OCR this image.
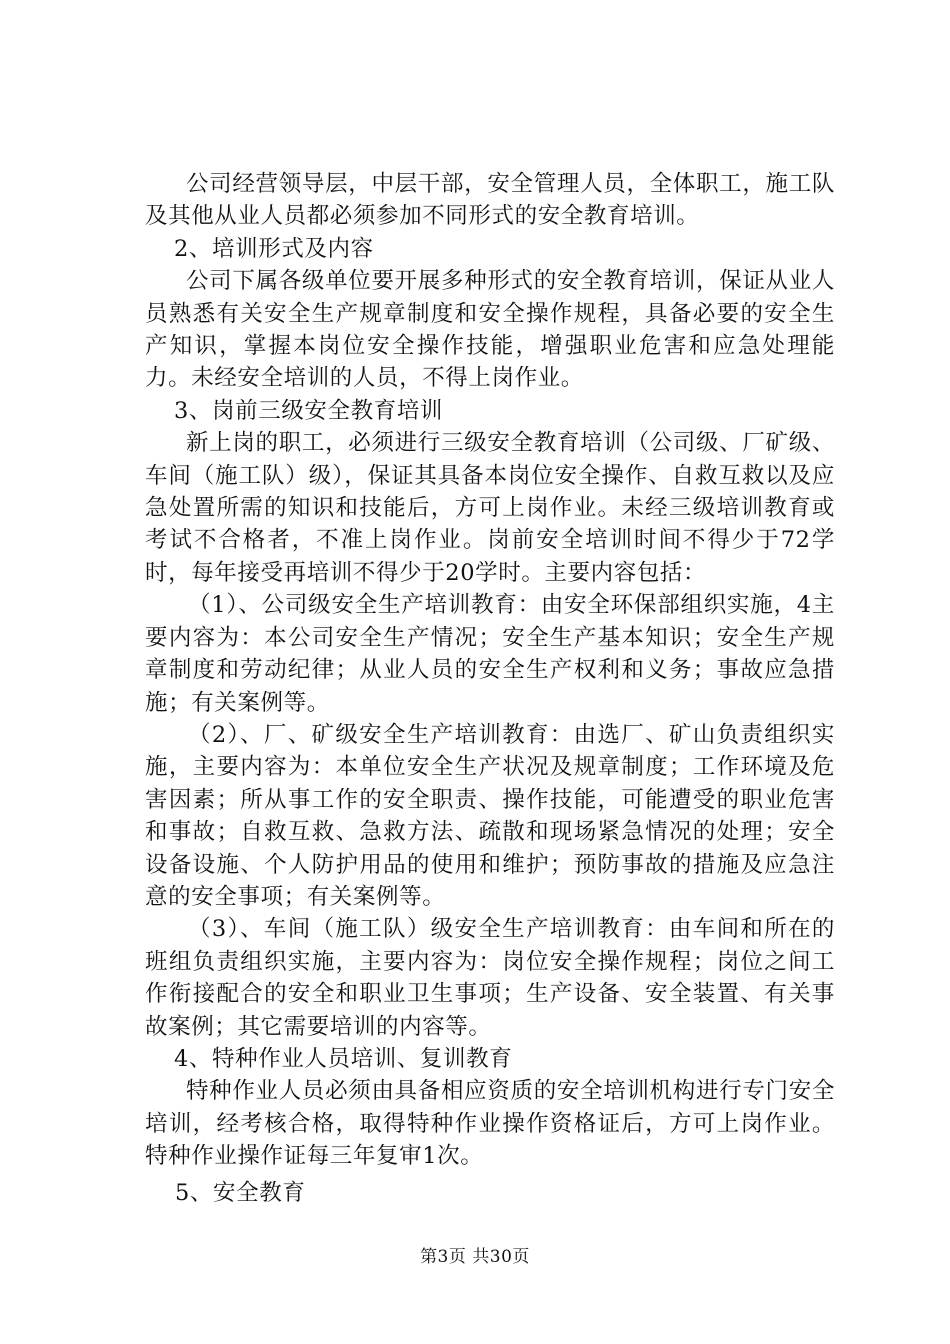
公司经营领导层，中层干部，安全管理人员，全体职工，施工队及其他从业人员都必须参加不同形式的安全教育培训。

2、培训形式及内容

公司下属各级单位要开展多种形式的安全教育培训，保证从业人员熟悉有关安全生产规章制度和安全操作规程，具备必要的安全生产知识，掌握本岗位安全操作技能，增强职业危害和应急处理能力。未经安全培训的人员，不得上岗作业。

3、岗前三级安全教育培训

新上岗的职工，必须进行三级安全教育培训（公司级、厂矿级、车间（施工队）级），保证其具备本岗位安全操作、自救互救以及应急处置所需的知识和技能后，方可上岗作业。未经三级培训教育或考试不合格者，不准上岗作业。岗前安全培训时间不得少于72学时，每年接受再培训不得少于20学时。主要内容包括：

（1）、公司级安全生产培训教育：由安全环保部组织实施，4主要内容为：本公司安全生产情况；安全生产基本知识；安全生产规章制度和劳动纪律；从业人员的安全生产权利和义务；事故应急措施；有关案例等。

（2）、厂、矿级安全生产培训教育：由选厂、矿山负责组织实施，主要内容为：本单位安全生产状况及规章制度；工作环境及危害因素；所从事工作的安全职责、操作技能，可能遭受的职业危害和事故；自救互救、急救方法、疏散和现场紧急情况的处理；安全设备设施、个人防护用品的使用和维护；预防事故的措施及应急注意的安全事项；有关案例等。

（3）、车间（施工队）级安全生产培训教育：由车间和所在的班组负责组织实施，主要内容为：岗位安全操作规程；岗位之间工作衔接配合的安全和职业卫生事项；生产设备、安全装置、有关事故案例；其它需要培训的内容等。

4、特种作业人员培训、复训教育

特种作业人员必须由具备相应资质的安全培训机构进行专门安全培训，经考核合格，取得特种作业操作资格证后，方可上岗作业。特种作业操作证每三年复审1次。

5、安全教育

第3页 共30页
